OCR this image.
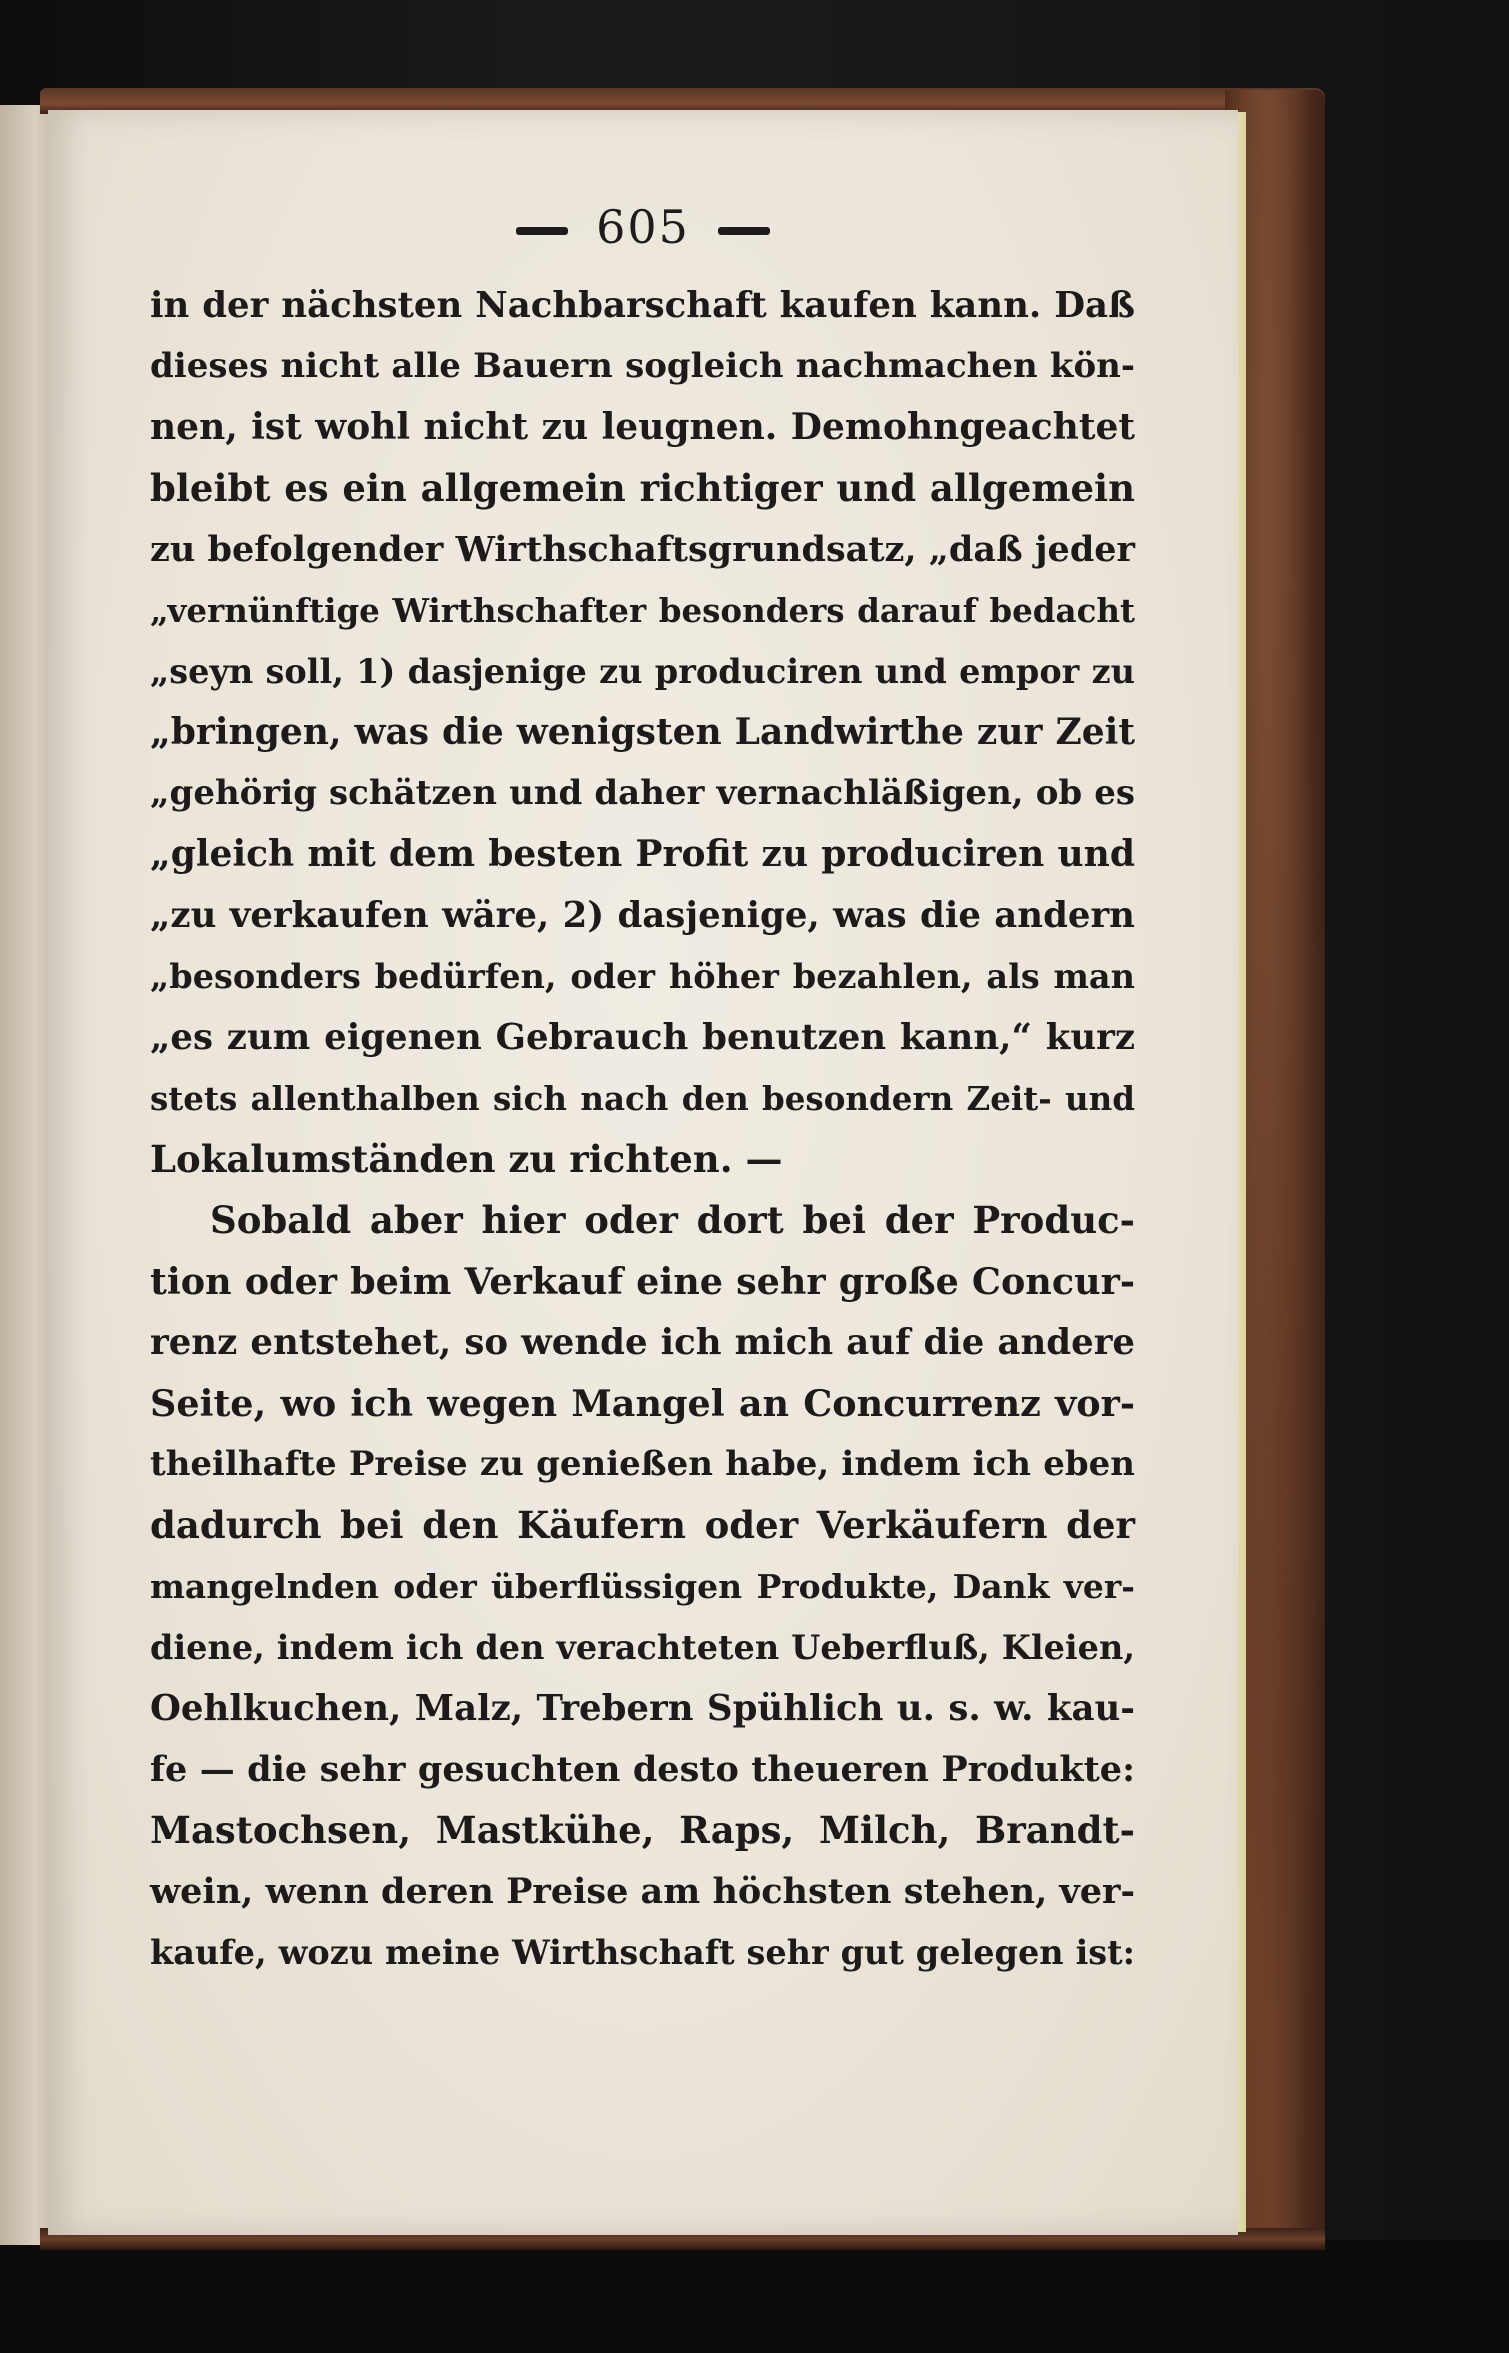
605
in der nächsten Nachbarschaft kaufen kann. Daß
dieses nicht alle Bauern sogleich nachmachen kön-
nen, ist wohl nicht zu leugnen. Demohngeachtet
bleibt es ein allgemein richtiger und allgemein
zu befolgender Wirthschaftsgrundsatz, „daß jeder
„vernünftige Wirthschafter besonders darauf bedacht
„seyn soll, 1) dasjenige zu produciren und empor zu
„bringen, was die wenigsten Landwirthe zur Zeit
„gehörig schätzen und daher vernachläßigen, ob es
„gleich mit dem besten Profit zu produciren und
„zu verkaufen wäre, 2) dasjenige, was die andern
„besonders bedürfen, oder höher bezahlen, als man
„es zum eigenen Gebrauch benutzen kann,“ kurz
stets allenthalben sich nach den besondern Zeit- und
Lokalumständen zu richten. —
Sobald aber hier oder dort bei der Produc-
tion oder beim Verkauf eine sehr große Concur-
renz entstehet, so wende ich mich auf die andere
Seite, wo ich wegen Mangel an Concurrenz vor-
theilhafte Preise zu genießen habe, indem ich eben
dadurch bei den Käufern oder Verkäufern der
mangelnden oder überflüssigen Produkte, Dank ver-
diene, indem ich den verachteten Ueberfluß, Kleien,
Oehlkuchen, Malz, Trebern Spühlich u. s. w. kau-
fe — die sehr gesuchten desto theueren Produkte:
Mastochsen, Mastkühe, Raps, Milch, Brandt-
wein, wenn deren Preise am höchsten stehen, ver-
kaufe, wozu meine Wirthschaft sehr gut gelegen ist:
